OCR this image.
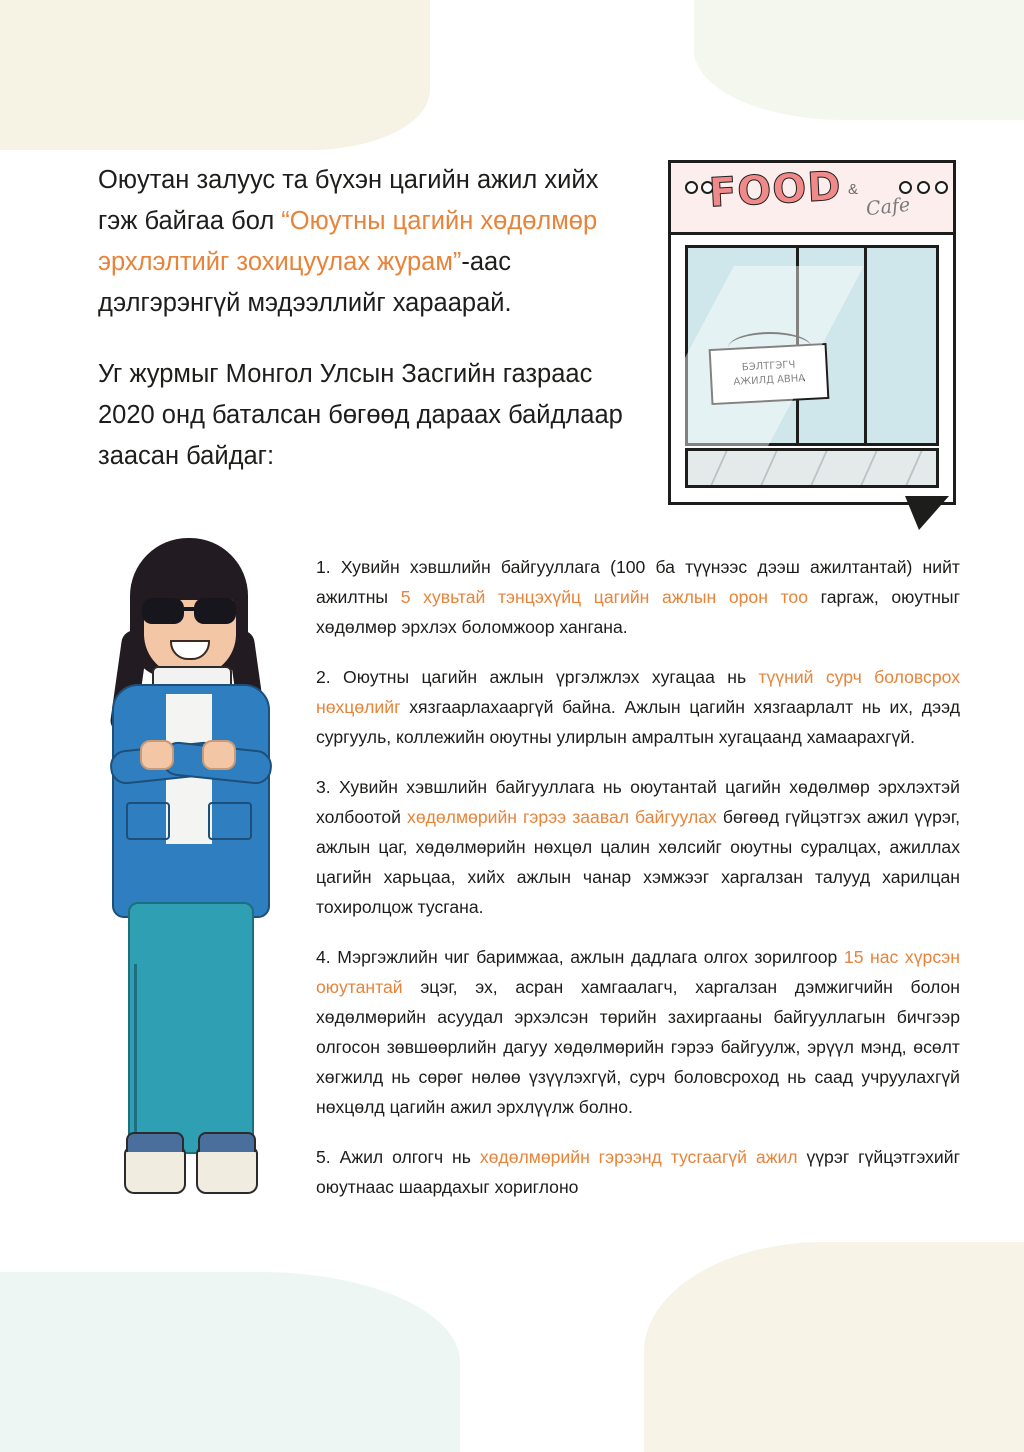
Оюутан залуус та бүхэн цагийн ажил хийх гэж байгаа бол “Оюутны цагийн хөдөлмөр эрхлэлтийг зохицуулах журам”-аас дэлгэрэнгүй мэдээллийг хараарай.

Уг журмыг Монгол Улсын Засгийн газраас 2020 онд баталсан бөгөөд дараах байдлаар заасан байдаг:

FOOD &
Cafe
БЭЛТГЭГЧ
АЖИЛД АВНА

1. Хувийн хэвшлийн байгууллага (100 ба түүнээс дээш ажилтантай) нийт ажилтны 5 хувьтай тэнцэхүйц цагийн ажлын орон тоо гаргаж, оюутныг хөдөлмөр эрхлэх боломжоор хангана.

2. Оюутны цагийн ажлын үргэлжлэх хугацаа нь түүний сурч боловсрох нөхцөлийг хязгаарлахааргүй байна. Ажлын цагийн хязгаарлалт нь их, дээд сургууль, коллежийн оюутны улирлын амралтын хугацаанд хамаарахгүй.

3. Хувийн хэвшлийн байгууллага нь оюутантай цагийн хөдөлмөр эрхлэхтэй холбоотой хөдөлмөрийн гэрээ заавал байгуулах бөгөөд гүйцэтгэх ажил үүрэг, ажлын цаг, хөдөлмөрийн нөхцөл цалин хөлсийг оюутны суралцах, ажиллах цагийн харьцаа, хийх ажлын чанар хэмжээг харгалзан талууд харилцан тохиролцож тусгана.

4. Мэргэжлийн чиг баримжаа, ажлын дадлага олгох зорилгоор 15 нас хүрсэн оюутантай эцэг, эх, асран хамгаалагч, харгалзан дэмжигчийн болон хөдөлмөрийн асуудал эрхэлсэн төрийн захиргааны байгууллагын бичгээр олгосон зөвшөөрлийн дагуу хөдөлмөрийн гэрээ байгуулж, эрүүл мэнд, өсөлт хөгжилд нь сөрөг нөлөө үзүүлэхгүй, сурч боловсроход нь саад учруулахгүй нөхцөлд цагийн ажил эрхлүүлж болно.

5. Ажил олгогч нь хөдөлмөрийн гэрээнд тусгаагүй ажил үүрэг гүйцэтгэхийг оюутнаас шаардахыг хориглоно
